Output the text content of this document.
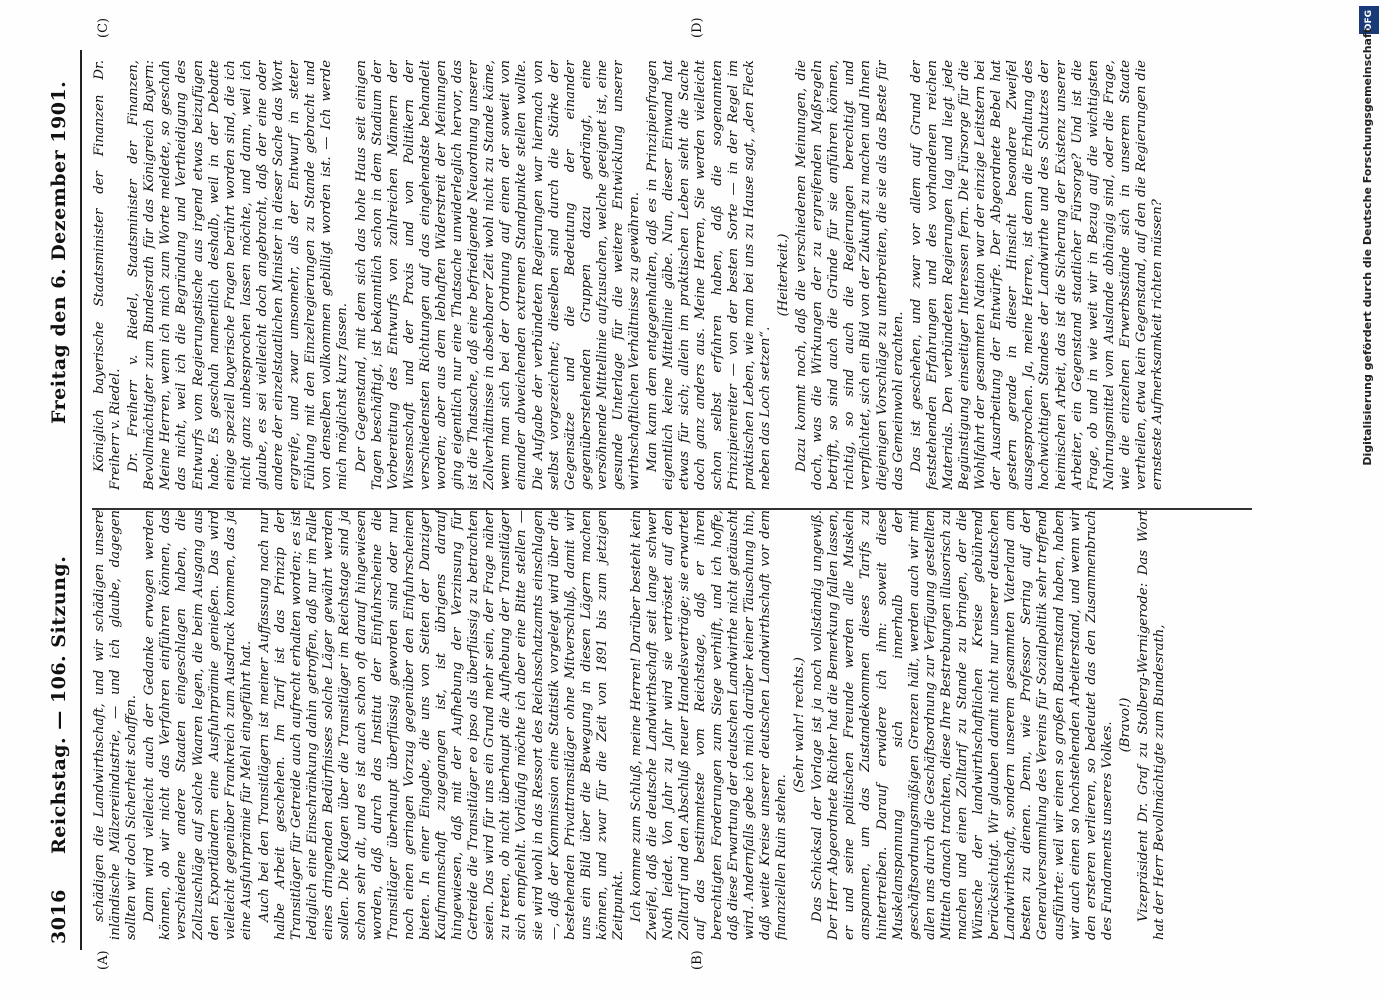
3016
Reichstag. — 106. Sitzung.
Freitag den 6. Dezember 1901.
(A)	(B)
(C)	(D)

schädigen die Landwirthschaft, und wir schädigen unsere inländische Mälzereiindustrie, — und ich glaube, dagegen sollten wir doch Sicherheit schaffen. Dann wird vielleicht auch der Gedanke erwogen werden können, ob wir nicht das Verfahren einführen können, das verschiedene andere Staaten eingeschlagen haben, die Zollzuschläge auf solche Waaren legen, die beim Ausgang aus den Exportländern eine Ausfuhrprämie genießen. Das wird vielleicht gegenüber Frankreich zum Ausdruck kommen, das ja eine Ausfuhrprämie für Mehl eingeführt hat. Auch bei den Transitlägern ist meiner Auffassung nach nur halbe Arbeit geschehen. Im Tarif ist das Prinzip der Transitläger für Getreide auch aufrecht erhalten worden; es ist lediglich eine Einschränkung dahin getroffen, daß nur im Falle eines dringenden Bedürfnisses solche Läger gewährt werden sollen. Die Klagen über die Transitläger im Reichstage sind ja schon sehr alt, und es ist auch schon oft darauf hingewiesen worden, daß durch das Institut der Einfuhrscheine die Transitläger überhaupt überflüssig geworden sind oder nur noch einen geringen Vorzug gegenüber den Einfuhrscheinen bieten. In einer Eingabe, die uns von Seiten der Danziger Kaufmannschaft zugegangen ist, ist übrigens darauf hingewiesen, daß mit der Aufhebung der Verzinsung für Getreide die Transitläger eo ipso als überflüssig zu betrachten seien. Das wird für uns ein Grund mehr sein, der Frage näher zu treten, ob nicht überhaupt die Aufhebung der Transitläger sich empfiehlt. Vorläufig möchte ich aber eine Bitte stellen — sie wird wohl in das Ressort des Reichsschatzamts einschlagen —, daß der Kommission eine Statistik vorgelegt wird über die bestehenden Privattransitläger ohne Mitverschluß, damit wir uns ein Bild über die Bewegung in diesen Lägern machen können, und zwar für die Zeit von 1891 bis zum jetzigen Zeitpunkt. Ich komme zum Schluß, meine Herren! Darüber besteht kein Zweifel, daß die deutsche Landwirthschaft seit lange schwer Noth leidet. Von Jahr zu Jahr wird sie vertröstet auf den Zolltarif und den Abschluß neuer Handelsverträge; sie erwartet auf das bestimmteste vom Reichstage, daß er ihren berechtigten Forderungen zum Siege verhilft, und ich hoffe, daß diese Erwartung der deutschen Landwirthe nicht getäuscht wird. Andernfalls gebe ich mich darüber keiner Täuschung hin, daß weite Kreise unserer deutschen Landwirthschaft vor dem finanziellen Ruin stehen.

(Sehr wahr! rechts.) Das Schicksal der Vorlage ist ja noch vollständig ungewiß. Der Herr Abgeordnete Richter hat die Bemerkung fallen lassen, er und seine politischen Freunde werden alle Muskeln anspannen, um das Zustandekommen dieses Tarifs zu hintertreiben. Darauf erwidere ich ihm: soweit diese Muskelanspannung sich innerhalb der geschäftsordnungsmäßigen Grenzen hält, werden auch wir mit allen uns durch die Geschäftsordnung zur Verfügung gestellten Mitteln danach trachten, diese Ihre Bestrebungen illusorisch zu machen und einen Zolltarif zu Stande zu bringen, der die Wünsche der landwirthschaftlichen Kreise gebührend berücksichtigt. Wir glauben damit nicht nur unserer deutschen Landwirthschaft, sondern unserem gesammten Vaterland am besten zu dienen. Denn, wie Professor Sering auf der Generalversammlung des Vereins für Sozialpolitik sehr treffend ausführte: weil wir einen so großen Bauernstand haben, haben wir auch einen so hochstehenden Arbeiterstand, und wenn wir den ersteren verlieren, so bedeutet das den Zusammenbruch des Fundaments unseres Volkes. (Bravo!) Vizepräsident Dr. Graf zu Stolberg-Wernigerode: Das Wort hat der Herr Bevollmächtigte zum Bundesrath,

Königlich bayerische Staatsminister der Finanzen Dr. Freiherr v. Riedel. Dr. Freiherr v. Riedel, Staatsminister der Finanzen, Bevollmächtigter zum Bundesrath für das Königreich Bayern: Meine Herren, wenn ich mich zum Worte meldete, so geschah das nicht, weil ich die Begründung und Vertheidigung des Entwurfs vom Regierungstische aus irgend etwas beizufügen habe. Es geschah namentlich deshalb, weil in der Debatte einige speziell bayerische Fragen berührt worden sind, die ich nicht ganz unbesprochen lassen möchte, und dann, weil ich glaube, es sei vielleicht doch angebracht, daß der eine oder andere der einzelstaatlichen Minister in dieser Sache das Wort ergreife, und zwar umsomehr, als der Entwurf in steter Fühlung mit den Einzelregierungen zu Stande gebracht und von denselben vollkommen gebilligt worden ist. — Ich werde mich möglichst kurz fassen. Der Gegenstand, mit dem sich das hohe Haus seit einigen Tagen beschäftigt, ist bekanntlich schon in dem Stadium der Vorbereitung des Entwurfs von zahlreichen Männern der Wissenschaft und der Praxis und von Politikern der verschiedensten Richtungen auf das eingehendste behandelt worden; aber aus dem lebhaften Widerstreit der Meinungen ging eigentlich nur eine Thatsache unwiderleglich hervor, das ist die Thatsache, daß eine befriedigende Neuordnung unserer Zollverhältnisse in absehbarer Zeit wohl nicht zu Stande käme, wenn man sich bei der Ordnung auf einen der soweit von einander abweichenden extremen Standpunkte stellen wollte. Die Aufgabe der verbündeten Regierungen war hiernach von selbst vorgezeichnet; dieselben sind durch die Stärke der Gegensätze und die Bedeutung der einander gegenüberstehenden Gruppen dazu gedrängt, eine versöhnende Mittellinie aufzusuchen, welche geeignet ist, eine gesunde Unterlage für die weitere Entwicklung unserer wirthschaftlichen Verhältnisse zu gewähren. Man kann dem entgegenhalten, daß es in Prinzipienfragen eigentlich keine Mittellinie gäbe. Nun, dieser Einwand hat etwas für sich; allein im praktischen Leben sieht die Sache doch ganz anders aus. Meine Herren, Sie werden vielleicht schon selbst erfahren haben, daß die sogenannten Prinzipienreiter — von der besten Sorte — in der Regel im praktischen Leben, wie man bei uns zu Hause sagt, „den Fleck neben das Loch setzen“.

(Heiterkeit.) Dazu kommt noch, daß die verschiedenen Meinungen, die doch, was die Wirkungen der zu ergreifenden Maßregeln betrifft, so sind auch die Gründe für sie anführen können, richtig, so sind auch die Regierungen berechtigt und verpflichtet, sich ein Bild von der Zukunft zu machen und Ihnen diejenigen Vorschläge zu unterbreiten, die sie als das Beste für das Gemeinwohl erachten. Das ist geschehen, und zwar vor allem auf Grund der feststehenden Erfahrungen und des vorhandenen reichen Materials. Den verbündeten Regierungen lag und liegt jede Begünstigung einseitiger Interessen fern. Die Fürsorge für die Wohlfahrt der gesammten Nation war der einzige Leitstern bei der Ausarbeitung der Entwürfe. Der Abgeordnete Bebel hat gestern gerade in dieser Hinsicht besondere Zweifel ausgesprochen. Ja, meine Herren, ist denn die Erhaltung des hochwichtigen Standes der Landwirthe und des Schutzes der heimischen Arbeit, das ist die Sicherung der Existenz unserer Arbeiter, ein Gegenstand staatlicher Fürsorge? Und ist die Frage, ob und in wie weit wir in Bezug auf die wichtigsten Nahrungsmittel vom Auslande abhängig sind, oder die Frage, wie die einzelnen Erwerbsstände sich in unserem Staate vertheilen, etwa kein Gegenstand, auf den die Regierungen die ernsteste Aufmerksamkeit richten müssen?

DFG
Digitalisierung gefördert durch die Deutsche Forschungsgemeinschaft
